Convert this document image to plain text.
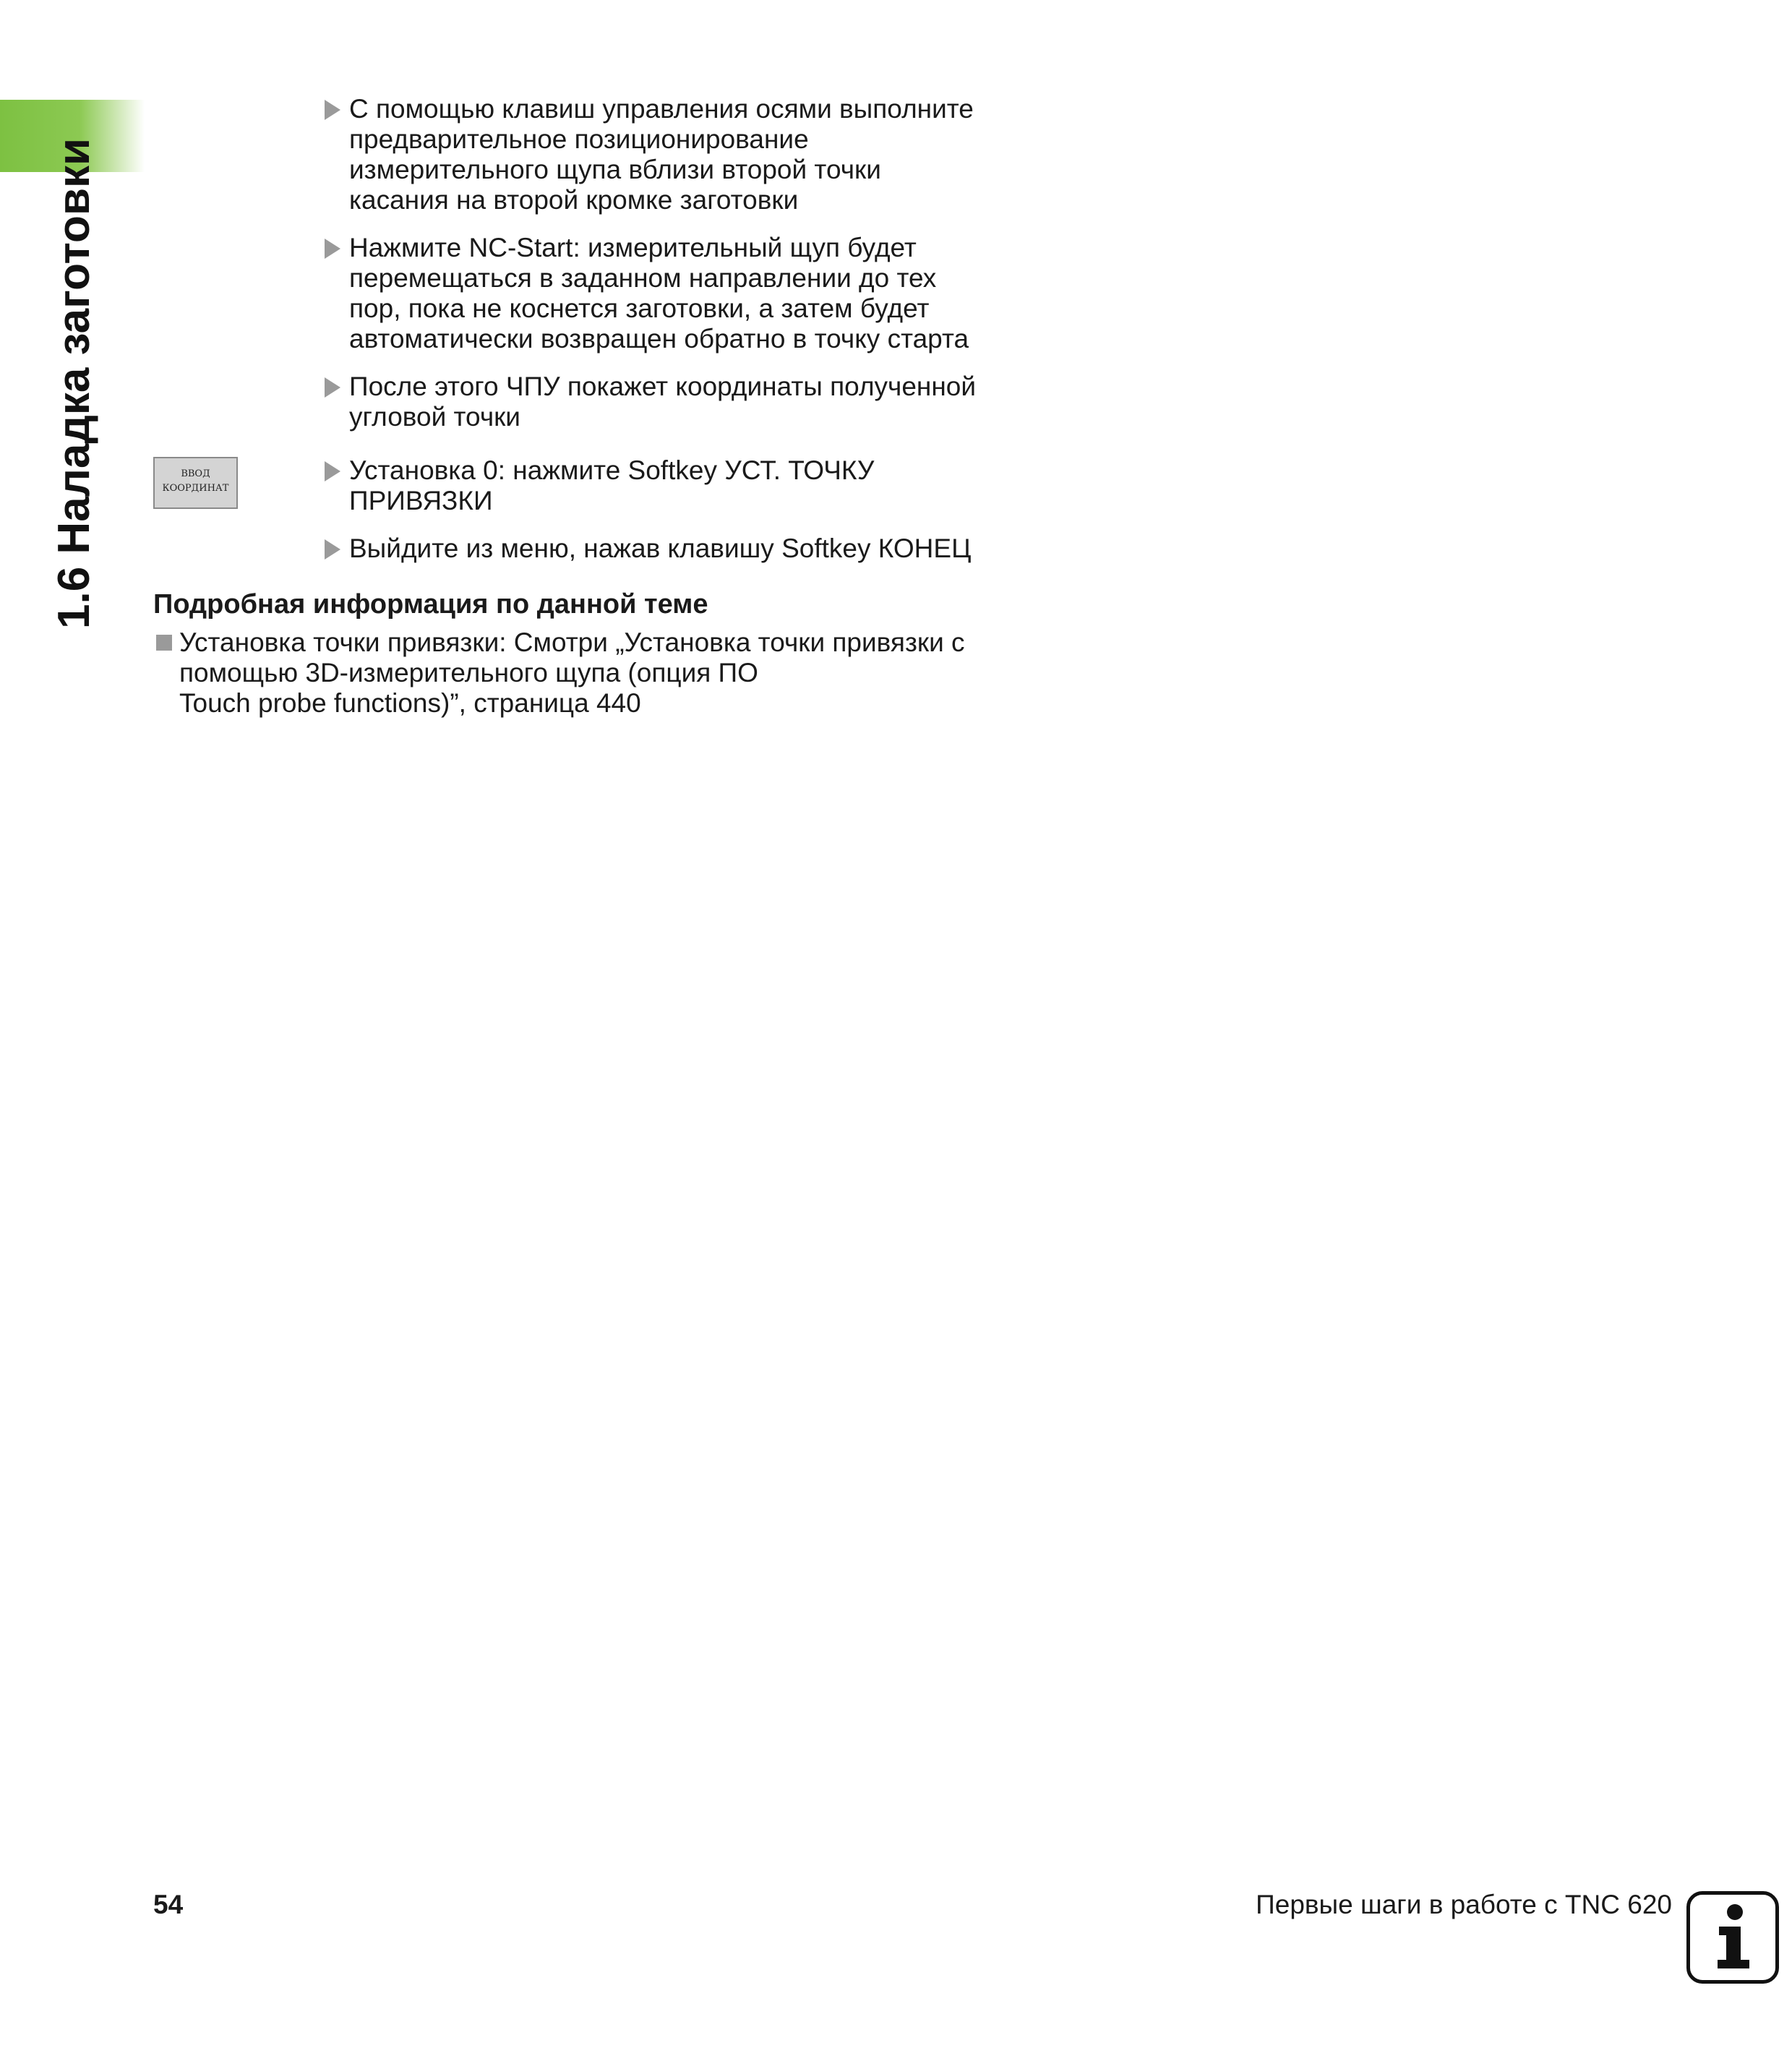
1.6 Наладка заготовки	ВВОД
КООРДИНАТ
С помощью клавиш управления осями выполните
предварительное позиционирование
измерительного щупа вблизи второй точки
касания на второй кромке заготовки
Нажмите NC-Start: измерительный щуп будет
перемещаться в заданном направлении до тех
пор, пока не коснется заготовки, а затем будет
автоматически возвращен обратно в точку старта
После этого ЧПУ покажет координаты полученной
угловой точки
Установка 0: нажмите Softkey УСТ. ТОЧКУ
ПРИВЯЗКИ
Выйдите из меню, нажав клавишу Softkey КОНЕЦ
Подробная информация по данной теме
Установка точки привязки: Смотри „Установка точки привязки с
помощью 3D-измерительного щупа (опция ПО
Touch probe functions)”, страница 440
54	Первые шаги в работе с TNC 620
